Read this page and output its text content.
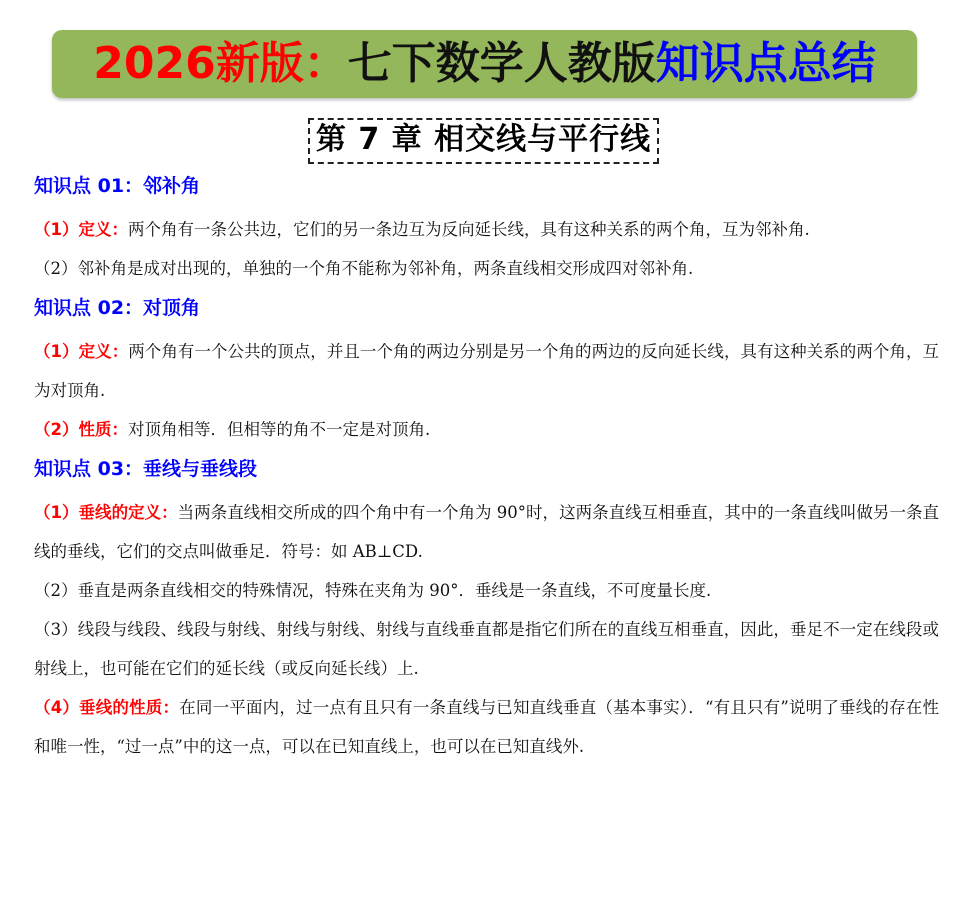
2026新版： 七下数学人教版 知识点总结
第 7 章 相交线与平行线
知识点 01：邻补角

（1）定义：两个角有一条公共边，它们的另一条边互为反向延长线，具有这种关系的两个角，互为邻补角.

（2）邻补角是成对出现的，单独的一个角不能称为邻补角，两条直线相交形成四对邻补角.

知识点 02：对顶角

（1）定义：两个角有一个公共的顶点，并且一个角的两边分别是另一个角的两边的反向延长线，具有这种关系的两个角，互为对顶角.

（2）性质：对顶角相等．但相等的角不一定是对顶角.

知识点 03：垂线与垂线段

（1）垂线的定义：当两条直线相交所成的四个角中有一个角为 90°时，这两条直线互相垂直，其中的一条直线叫做另一条直线的垂线，它们的交点叫做垂足．符号：如 AB⊥CD.

（2）垂直是两条直线相交的特殊情况，特殊在夹角为 90°．垂线是一条直线，不可度量长度.

（3）线段与线段、线段与射线、射线与射线、射线与直线垂直都是指它们所在的直线互相垂直，因此，垂足不一定在线段或射线上，也可能在它们的延长线（或反向延长线）上.

（4）垂线的性质：在同一平面内，过一点有且只有一条直线与已知直线垂直（基本事实）．“有且只有”说明了垂线的存在性和唯一性，“过一点”中的这一点，可以在已知直线上，也可以在已知直线外.
